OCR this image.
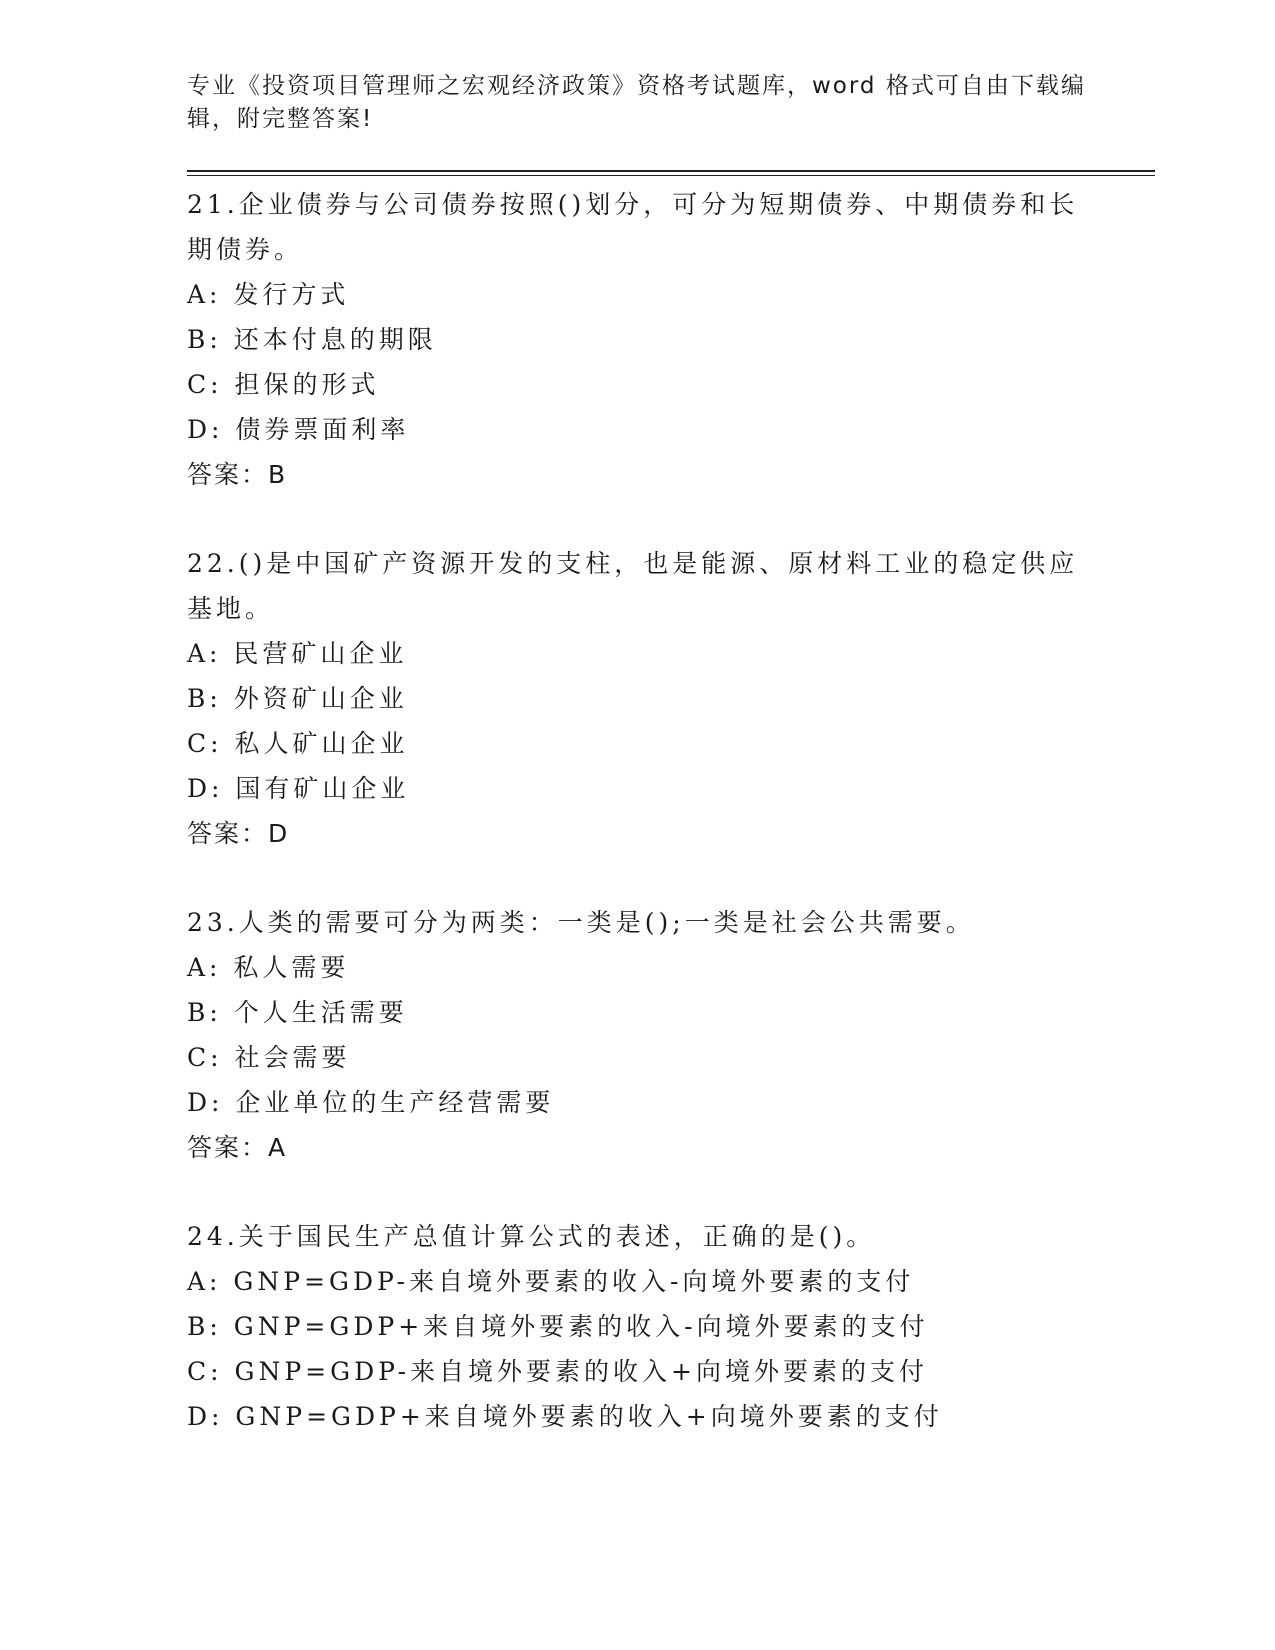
专业《投资项目管理师之宏观经济政策》资格考试题库，word 格式可自由下载编辑，附完整答案!

21.企业债券与公司债券按照()划分，可分为短期债券、中期债券和长期债券。

A: 发行方式

B: 还本付息的期限

C: 担保的形式

D: 债券票面利率

答案：B

22.()是中国矿产资源开发的支柱，也是能源、原材料工业的稳定供应基地。

A: 民营矿山企业

B: 外资矿山企业

C: 私人矿山企业

D: 国有矿山企业

答案：D

23.人类的需要可分为两类：一类是();一类是社会公共需要。

A: 私人需要

B: 个人生活需要

C: 社会需要

D: 企业单位的生产经营需要

答案：A

24.关于国民生产总值计算公式的表述，正确的是()。

A: GNP=GDP-来自境外要素的收入-向境外要素的支付

B: GNP=GDP+来自境外要素的收入-向境外要素的支付

C: GNP=GDP-来自境外要素的收入+向境外要素的支付

D: GNP=GDP+来自境外要素的收入+向境外要素的支付
